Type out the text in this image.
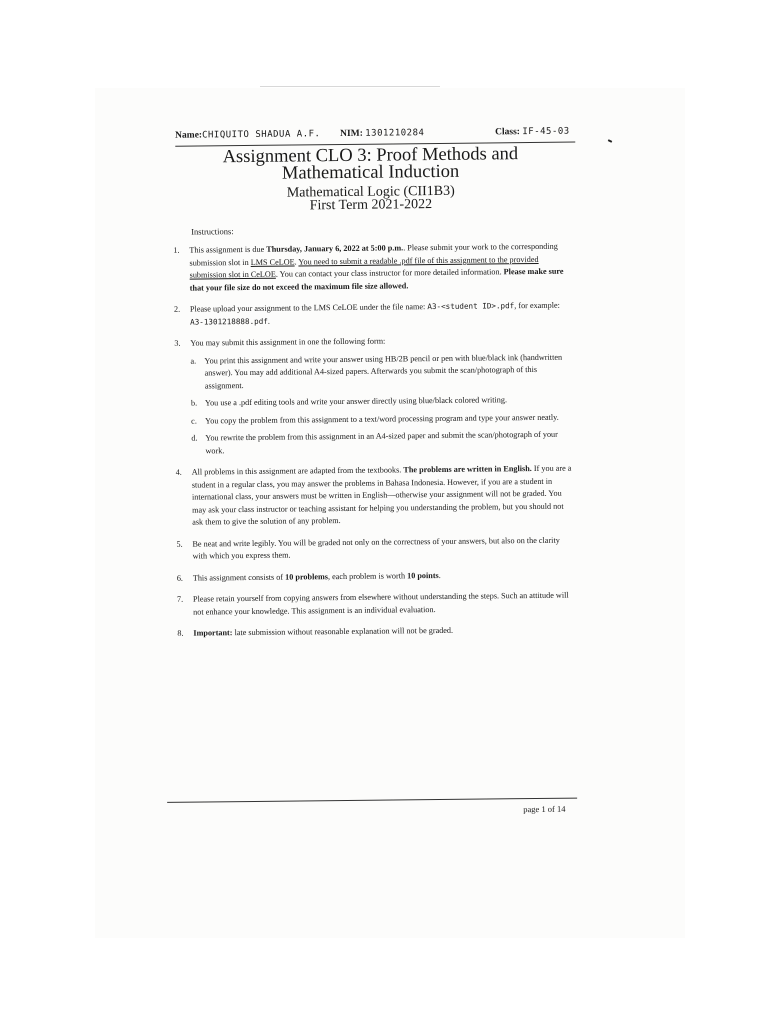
Name:CHIQUITO SHADUA A.F. NIM: 1301210284	Class: IF-45-03
Assignment CLO 3: Proof Methods and
Mathematical Induction
Mathematical Logic (CII1B3)
First Term 2021-2022
Instructions:
1. This assignment is due Thursday, January 6, 2022 at 5:00 p.m.. Please submit your work to the corresponding submission slot in LMS CeLOE. You need to submit a readable .pdf file of this assignment to the provided submission slot in CeLOE. You can contact your class instructor for more detailed information. Please make sure that your file size do not exceed the maximum file size allowed.
2. Please upload your assignment to the LMS CeLOE under the file name: A3-<student ID>.pdf, for example: A3-1301218888.pdf.
3. You may submit this assignment in one the following form:
a. You print this assignment and write your answer using HB/2B pencil or pen with blue/black ink (handwritten answer). You may add additional A4-sized papers. Afterwards you submit the scan/photograph of this assignment.
b. You use a .pdf editing tools and write your answer directly using blue/black colored writing.
c. You copy the problem from this assignment to a text/word processing program and type your answer neatly.
d. You rewrite the problem from this assignment in an A4-sized paper and submit the scan/photograph of your work.
4. All problems in this assignment are adapted from the textbooks. The problems are written in English. If you are a student in a regular class, you may answer the problems in Bahasa Indonesia. However, if you are a student in international class, your answers must be written in English—otherwise your assignment will not be graded. You may ask your class instructor or teaching assistant for helping you understanding the problem, but you should not ask them to give the solution of any problem.
5. Be neat and write legibly. You will be graded not only on the correctness of your answers, but also on the clarity with which you express them.
6. This assignment consists of 10 problems, each problem is worth 10 points.
7. Please retain yourself from copying answers from elsewhere without understanding the steps. Such an attitude will not enhance your knowledge. This assignment is an individual evaluation.
8. Important: late submission without reasonable explanation will not be graded.
page 1 of 14
